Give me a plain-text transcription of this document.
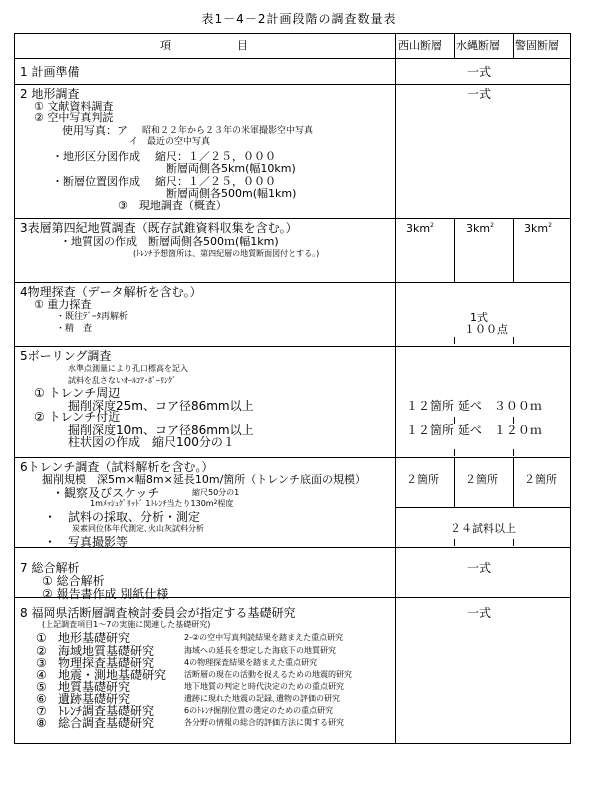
表1－4－2計画段階の調査数量表
項　　　　　　目	西山断層 水縄断層 警固断層
1 計画準備	一式
2 地形調査	一式
① 文献資料調査
② 空中写真判読
使用写真：ア 昭和２２年から２３年の米軍撮影空中写真
イ　最近の空中写真
・地形区分図作成 縮尺：１／２５，０００
断層両側各5km(幅10km)
・断層位置図作成 縮尺：１／２５，０００
断層両側各500m(幅1km)
③　現地調査（概査）
3表層第四紀地質調査（既存試錐資料収集を含む。）
・地質図の作成　断層両側各500ｍ(幅1km)
(ﾄﾚﾝﾁ予想箇所は、第四紀層の地質断面図付とする。)
$3km^2$	$3km^2$	$3km^2$
4物理探査（データ解析を含む。）
① 重力探査
・既往ﾃﾞｰﾀ再解析
・精　査
1式
１００点
5ボーリング調査
水準点測量により孔口標高を記入
試料を乱さないｵｰﾙｺｱ･ﾎﾞｰﾘﾝｸﾞ
① トレンチ周辺
掘削深度25m、コア径86mm以上
② トレンチ付近
掘削深度10m、コア径86mm以上
柱状図の作成　縮尺100分の１
１２箇所 延べ　３００ｍ
１２箇所 延べ　１２０ｍ
6トレンチ調査（試料解析を含む。）
掘削規模　深5m×幅8m×延長10m/箇所（トレンチ底面の規模）
・観察及びスケッチ	縮尺50分の1
1mﾒｯｼｭｸﾞﾘｯﾄﾞ 1ﾄﾚﾝﾁ当たり$130m^2$程度
・　試料の採取、分析・測定
炭素同位体年代測定､火山灰試料分析
・　写真撮影等
２箇所 ２箇所 ２箇所
２４試料以上
7 総合解析
① 総合解析
② 報告書作成 別紙仕様
一式
8 福岡県活断層調査検討委員会が指定する基礎研究	一式
(上記調査項目1～7の実施に関連した基礎研究)
① 地形基礎研究	2-②の空中写真判読結果を踏まえた重点研究
② 海域地質基礎研究	海域への延長を想定した海底下の地質研究
③ 物理探査基礎研究	4の物理探査結果を踏まえた重点研究
④ 地震・測地基礎研究 活断層の現在の活動を捉えるための地震的研究
⑤ 地質基礎研究	地下地質の判定と時代決定のための重点研究
⑥ 遺跡基礎研究	遺跡に現れた地震の記録､遺物の評価の研究
⑦ ﾄﾚﾝﾁ調査基礎研究	6のﾄﾚﾝﾁ掘削位置の選定のための重点研究
⑧ 総合調査基礎研究	各分野の情報の総合的評価方法に関する研究
